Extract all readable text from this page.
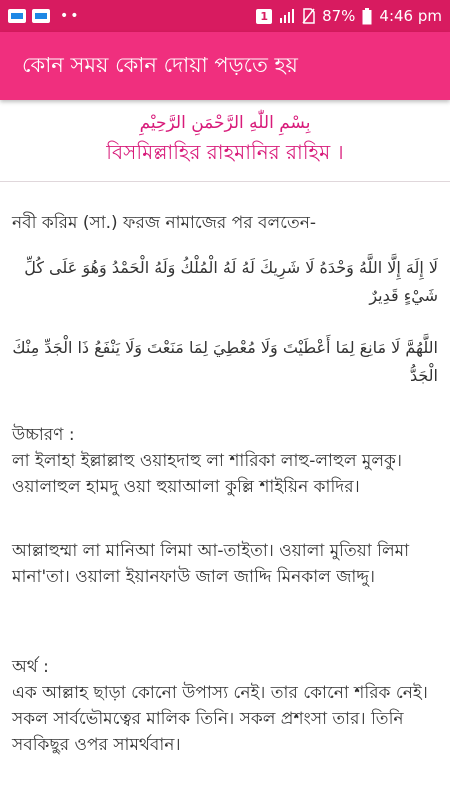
••	1	87% 4:46 pm
কোন সময় কোন দোয়া পড়তে হয়
بِسْمِ اللّٰهِ الرَّحْمَنِ الرَّحِيْمِ
বিসমিল্লাহির রাহমানির রাহিম ।
নবী করিম (সা.) ফরজ নামাজের পর বলতেন-
لَا إِلَهَ إِلَّا اللَّهُ وَحْدَهُ لَا شَرِيكَ لَهُ لَهُ الْمُلْكُ وَلَهُ الْحَمْدُ وَهُوَ عَلَى كُلِّ شَيْءٍ قَدِيرٌ
اللَّهُمَّ لَا مَانِعَ لِمَا أَعْطَيْتَ وَلَا مُعْطِيَ لِمَا مَنَعْتَ وَلَا يَنْفَعُ ذَا الْجَدِّ مِنْكَ الْجَدُّ
উচ্চারণ :
লা ইলাহা ইল্লাল্লাহু ওয়াহদাহু লা শারিকা লাহু-লাহুল মুলকু। ওয়ালাহুল হামদু ওয়া হুয়াআলা কুল্লি শাইয়িন কাদির।
আল্লাহুম্মা লা মানিআ লিমা আ-তাইতা। ওয়ালা মুতিয়া লিমা মানা'তা। ওয়ালা ইয়ানফাউ জাল জাদ্দি মিনকাল জাদ্দু।
অর্থ :
এক আল্লাহ ছাড়া কোনো উপাস্য নেই। তার কোনো শরিক নেই। সকল সার্বভৌমত্বের মালিক তিনি। সকল প্রশংসা তার। তিনি সবকিছুর ওপর সামর্থবান।
